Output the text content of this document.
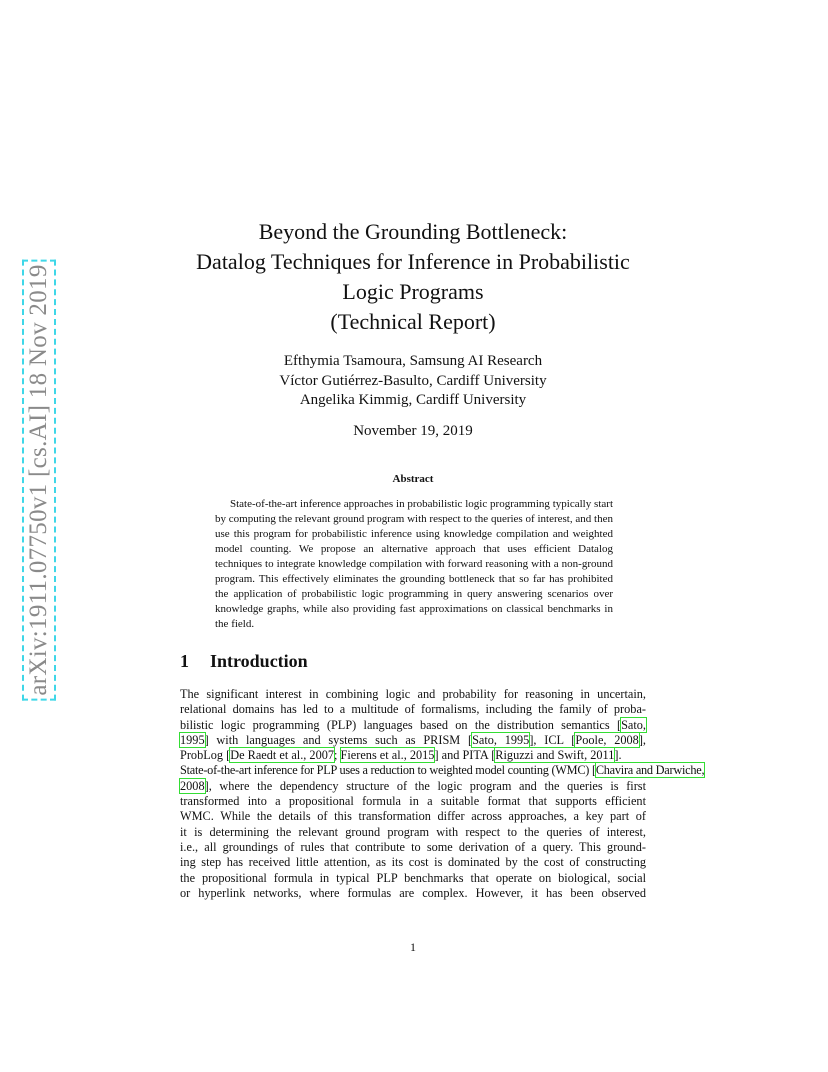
arXiv:1911.07750v1 [cs.AI] 18 Nov 2019
Beyond the Grounding Bottleneck:
Datalog Techniques for Inference in Probabilistic
Logic Programs
(Technical Report)
Efthymia Tsamoura, Samsung AI Research
Víctor Gutiérrez-Basulto, Cardiff University
Angelika Kimmig, Cardiff University
November 19, 2019
Abstract

State-of-the-art inference approaches in probabilistic logic programming typically start by computing the relevant ground program with respect to the queries of interest, and then use this program for probabilistic inference using knowledge compilation and weighted model counting. We propose an alternative approach that uses efficient Datalog techniques to integrate knowledge compilation with forward reasoning with a non-ground program. This effectively eliminates the grounding bottleneck that so far has prohibited the application of probabilistic logic programming in query answering scenarios over knowledge graphs, while also providing fast approximations on classical benchmarks in the field.

1 Introduction
The significant interest in combining logic and probability for reasoning in uncertain,
relational domains has led to a multitude of formalisms, including the family of proba-
bilistic logic programming (PLP) languages based on the distribution semantics [Sato,
1995] with languages and systems such as PRISM [Sato, 1995], ICL [Poole, 2008],
ProbLog [De Raedt et al., 2007; Fierens et al., 2015] and PITA [Riguzzi and Swift, 2011].
State-of-the-art inference for PLP uses a reduction to weighted model counting (WMC) [Chavira and Darwiche,
2008], where the dependency structure of the logic program and the queries is first
transformed into a propositional formula in a suitable format that supports efficient
WMC. While the details of this transformation differ across approaches, a key part of
it is determining the relevant ground program with respect to the queries of interest,
i.e., all groundings of rules that contribute to some derivation of a query. This ground-
ing step has received little attention, as its cost is dominated by the cost of constructing
the propositional formula in typical PLP benchmarks that operate on biological, social
or hyperlink networks, where formulas are complex. However, it has been observed
1
